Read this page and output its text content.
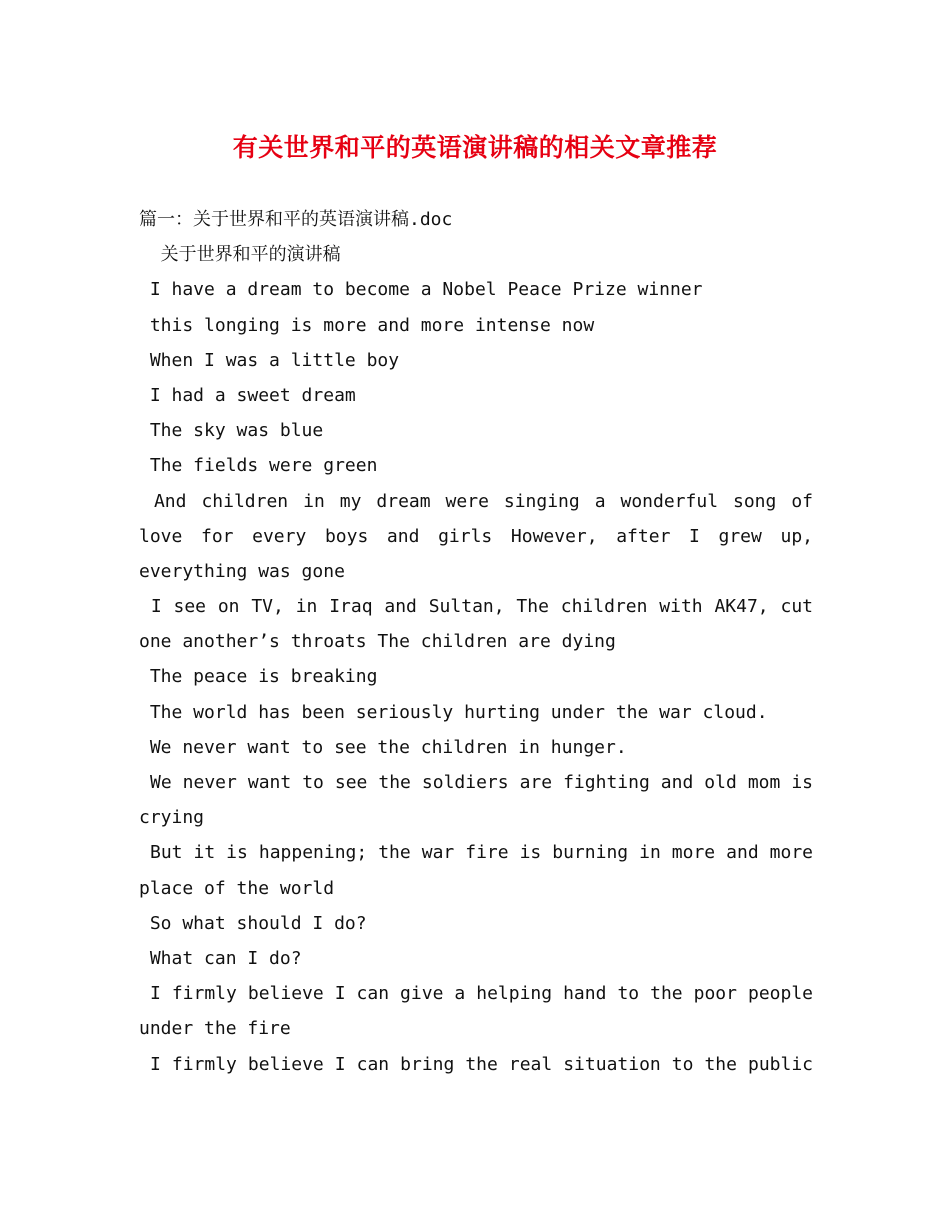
有关世界和平的英语演讲稿的相关文章推荐
篇一：关于世界和平的英语演讲稿.doc
关于世界和平的演讲稿
I have a dream to become a Nobel Peace Prize winner
this longing is more and more intense now
When I was a little boy
I had a sweet dream
The sky was blue
The fields were green
And children in my dream were singing a wonderful song of
love for every boys and girls However, after I grew up,
everything was gone
I see on TV, in Iraq and Sultan, The children with AK47, cut
one another’s throats The children are dying
The peace is breaking
The world has been seriously hurting under the war cloud.
We never want to see the children in hunger.
We never want to see the soldiers are fighting and old mom is
crying
But it is happening; the war fire is burning in more and more
place of the world
So what should I do?
What can I do?
I firmly believe I can give a helping hand to the poor people
under the fire
I firmly believe I can bring the real situation to the public
